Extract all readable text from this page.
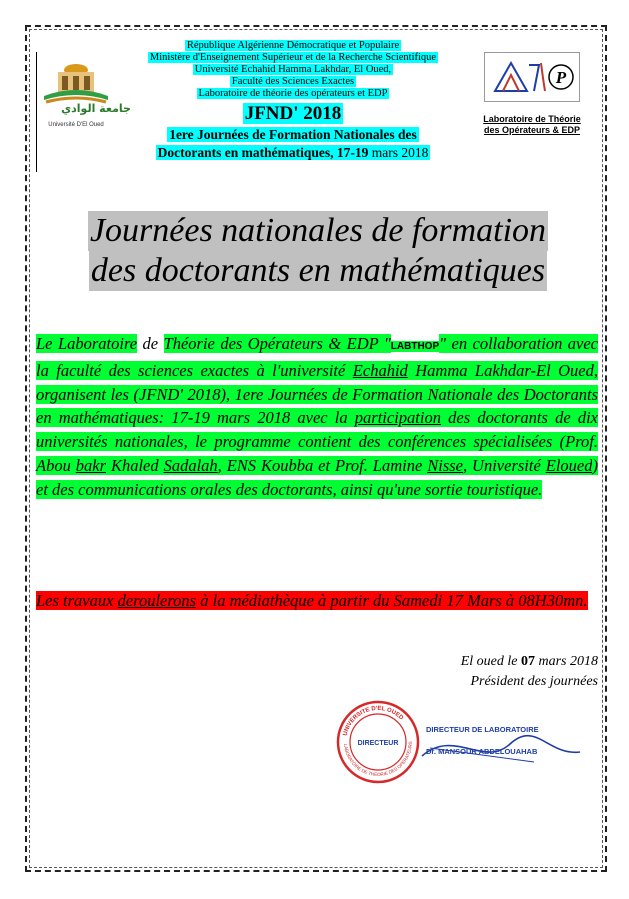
جامعة الوادي
Université D'El Oued
République Algérienne Démocratique et Populaire
Ministère d'Enseignement Supérieur et de la Recherche Scientifique
Université Echahid Hamma Lakhdar, El Oued,
Faculté des Sciences Exactes
Laboratoire de théorie des opérateurs et EDP
JFND' 2018
1ere Journées de Formation Nationales des
Doctorants en mathématiques, 17-19 mars 2018
P
Laboratoire de Théorie
des Opérateurs & EDP
Journées nationales de formation
des doctorants en mathématiques
Le Laboratoire de Théorie des Opérateurs & EDP "LABTHOP" en collaboration avec la faculté des sciences exactes à l'université Echahid Hamma Lakhdar-El Oued, organisent les (JFND' 2018), 1ere Journées de Formation Nationale des Doctorants en mathématiques: 17-19 mars 2018 avec la participation des doctorants de dix universités nationales, le programme contient des conférences spécialisées (Prof. Abou bakr Khaled Sadalah, ENS Koubba et Prof. Lamine Nisse, Université Eloued) et des communications orales des doctorants, ainsi qu'une sortie touristique.
Les travaux deroulerons à la médiathèque à partir du Samedi 17 Mars à 08H30mn.
El oued le 07 mars 2018
Président des journées
UNIVERSITE D'EL OUED
LABORATOIRE DE THEORIE DES OPERATEURS
DIRECTEUR
DIRECTEUR DE LABORATOIRE
Dr. MANSOUR ABDELOUAHAB
